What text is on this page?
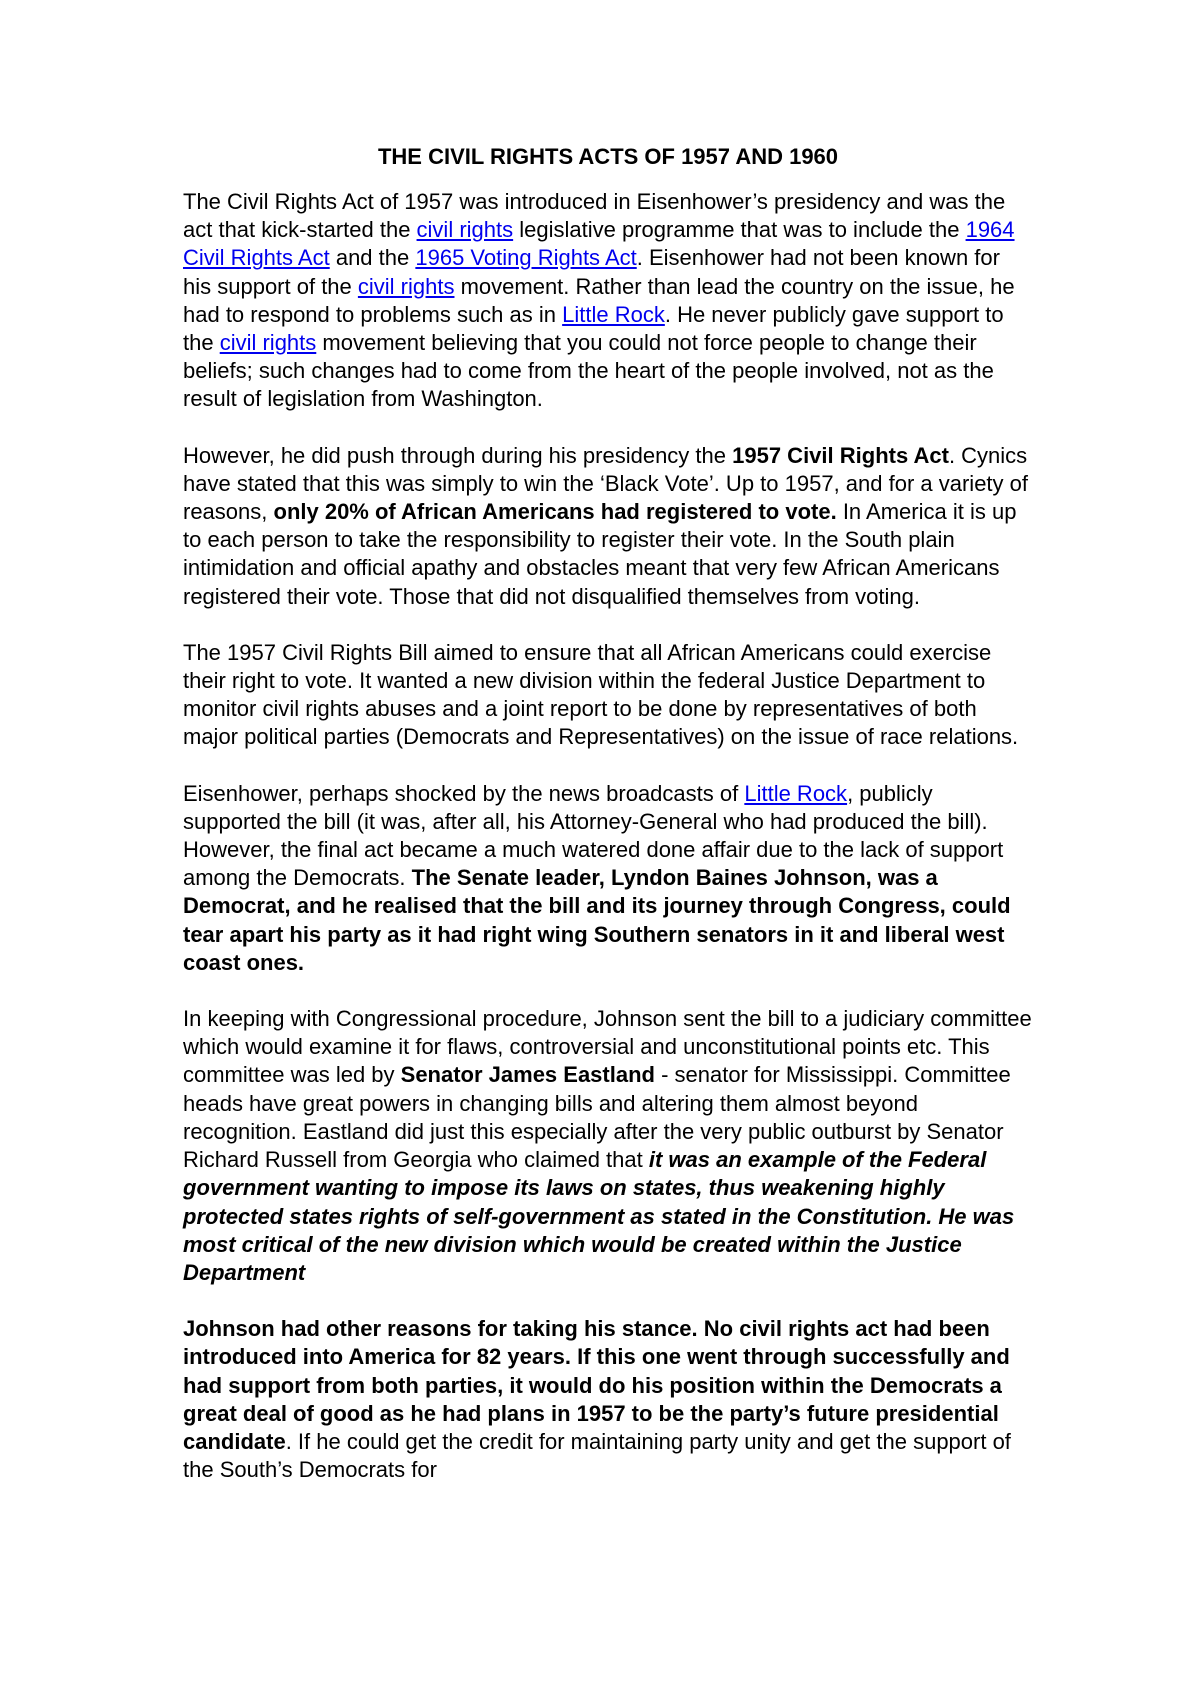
THE CIVIL RIGHTS ACTS OF 1957 AND 1960

The Civil Rights Act of 1957 was introduced in Eisenhower’s presidency and was the act that kick-started the civil rights legislative programme that was to include the 1964 Civil Rights Act and the 1965 Voting Rights Act. Eisenhower had not been known for his support of the civil rights movement. Rather than lead the country on the issue, he had to respond to problems such as in Little Rock. He never publicly gave support to the civil rights movement believing that you could not force people to change their beliefs; such changes had to come from the heart of the people involved, not as the result of legislation from Washington.

However, he did push through during his presidency the 1957 Civil Rights Act. Cynics have stated that this was simply to win the ‘Black Vote’. Up to 1957, and for a variety of reasons, only 20% of African Americans had registered to vote. In America it is up to each person to take the responsibility to register their vote. In the South plain intimidation and official apathy and obstacles meant that very few African Americans registered their vote. Those that did not disqualified themselves from voting.

The 1957 Civil Rights Bill aimed to ensure that all African Americans could exercise their right to vote. It wanted a new division within the federal Justice Department to monitor civil rights abuses and a joint report to be done by representatives of both major political parties (Democrats and Representatives) on the issue of race relations.

Eisenhower, perhaps shocked by the news broadcasts of Little Rock, publicly supported the bill (it was, after all, his Attorney-General who had produced the bill). However, the final act became a much watered done affair due to the lack of support among the Democrats. The Senate leader, Lyndon Baines Johnson, was a Democrat, and he realised that the bill and its journey through Congress, could tear apart his party as it had right wing Southern senators in it and liberal west coast ones.

In keeping with Congressional procedure, Johnson sent the bill to a judiciary committee which would examine it for flaws, controversial and unconstitutional points etc. This committee was led by Senator James Eastland - senator for Mississippi. Committee heads have great powers in changing bills and altering them almost beyond recognition. Eastland did just this especially after the very public outburst by Senator Richard Russell from Georgia who claimed that it was an example of the Federal government wanting to impose its laws on states, thus weakening highly protected states rights of self-government as stated in the Constitution. He was most critical of the new division which would be created within the Justice Department

Johnson had other reasons for taking his stance. No civil rights act had been introduced into America for 82 years. If this one went through successfully and had support from both parties, it would do his position within the Democrats a great deal of good as he had plans in 1957 to be the party’s future presidential candidate. If he could get the credit for maintaining party unity and get the support of the South’s Democrats for
